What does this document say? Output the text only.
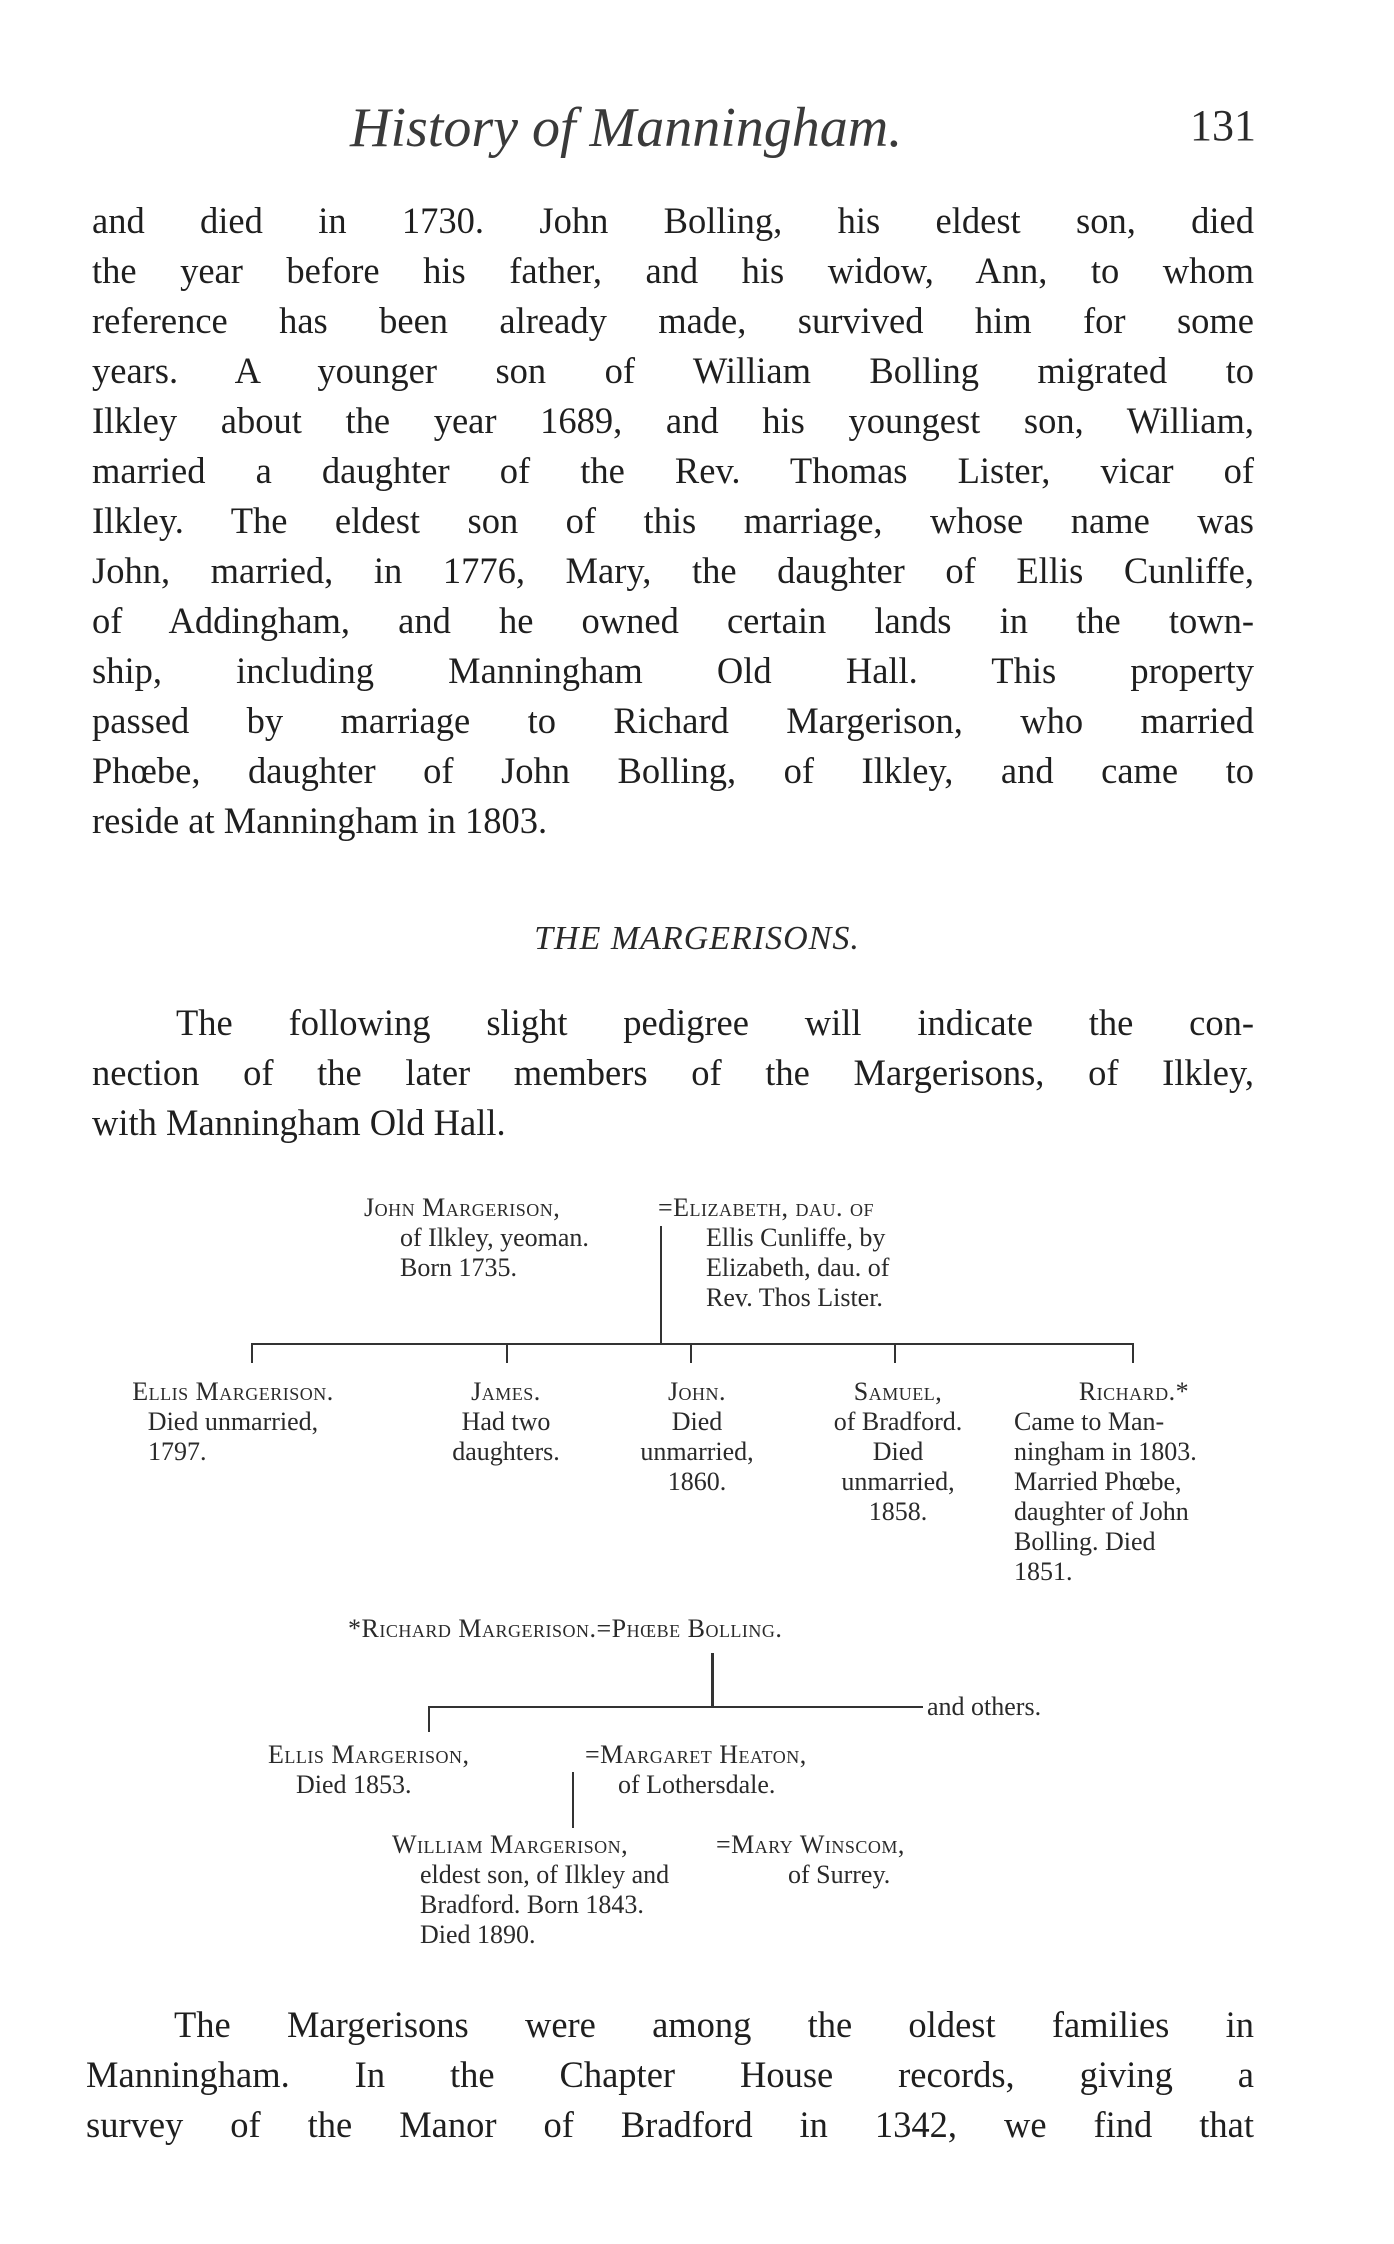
History of Manningham.	131
and died in 1730. John Bolling, his eldest son, died
the year before his father, and his widow, Ann, to whom
reference has been already made, survived him for some
years. A younger son of William Bolling migrated to
Ilkley about the year 1689, and his youngest son, William,
married a daughter of the Rev. Thomas Lister, vicar of
Ilkley. The eldest son of this marriage, whose name was
John, married, in 1776, Mary, the daughter of Ellis Cunliffe,
of Addingham, and he owned certain lands in the town-
ship, including Manningham Old Hall. This property
passed by marriage to Richard Margerison, who married
Phœbe, daughter of John Bolling, of Ilkley, and came to
reside at Manningham in 1803.
THE MARGERISONS.
The following slight pedigree will indicate the con-
nection of the later members of the Margerisons, of Ilkley,
with Manningham Old Hall.
John Margerison,
of Ilkley, yeoman.
Born 1735.
=Elizabeth, dau. of
Ellis Cunliffe, by
Elizabeth, dau. of
Rev. Thos Lister.
Ellis Margerison.
Died unmarried,
1797.
James.
Had two
daughters.
John.
Died
unmarried,
1860.
Samuel,
of Bradford.
Died
unmarried,
1858.
Richard.*
Came to Man-
ningham in 1803.
Married Phœbe,
daughter of John
Bolling. Died
1851.
*Richard Margerison.=Phœbe Bolling.
and others.
Ellis Margerison,
Died 1853.
=Margaret Heaton,
of Lothersdale.
William Margerison,
eldest son, of Ilkley and
Bradford. Born 1843.
Died 1890.
=Mary Winscom,
of Surrey.
The Margerisons were among the oldest families in
Manningham. In the Chapter House records, giving a
survey of the Manor of Bradford in 1342, we find that
